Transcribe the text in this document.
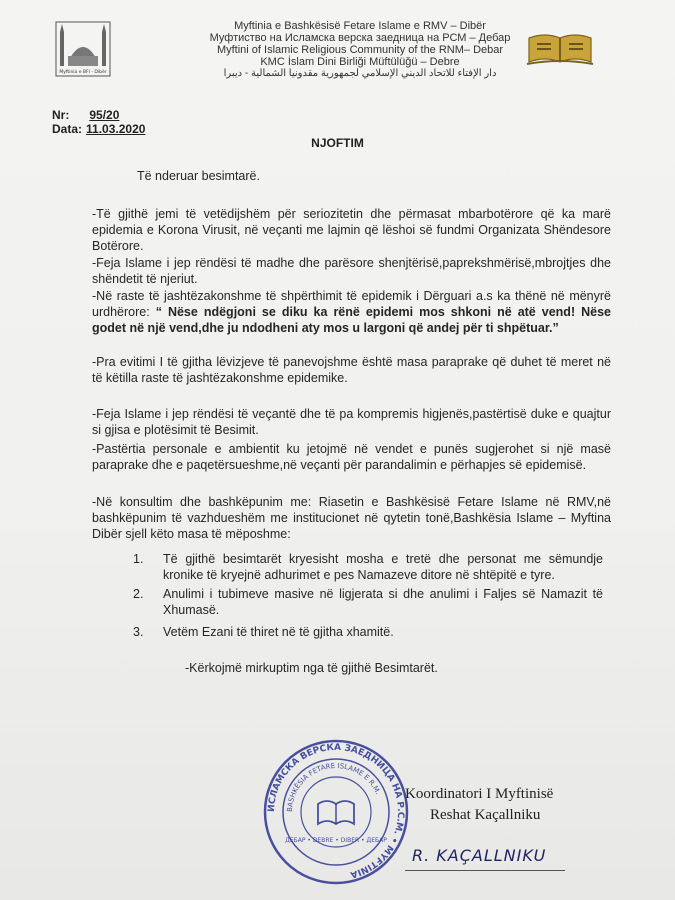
Myftinia e BFI - Dibër
Myftinia e Bashkësisë Fetare Islame e RMV – Dibër
Муфтиство на Исламска верска заедница на РСМ – Дебар
Myftini of Islamic Religious Community of the RNM– Debar
KMC İslam Dini Birliği Müftülüğü – Debre
دار الإفتاء للاتحاد الديني الإسلامي لجمهورية مقدونيا الشمالية - ديبرا
Nr: 95/20
Data: 11.03.2020
NJOFTIM
Të nderuar besimtarë.
-Të gjithë jemi të vetëdijshëm për seriozitetin dhe përmasat mbarbotërore që ka marë epidemia e Korona Virusit, në veçanti me lajmin që lëshoi së fundmi Organizata Shëndesore Botërore.
-Feja Islame i jep rëndësi të madhe dhe parësore shenjtërisë,paprekshmërisë,mbrojtjes dhe shëndetit të njeriut.
-Në raste të jashtëzakonshme të shpërthimit të epidemik i Dërguari a.s ka thënë në mënyrë urdhërore: “ Nëse ndëgjoni se diku ka rënë epidemi mos shkoni në atë vend! Nëse godet në një vend,dhe ju ndodheni aty mos u largoni që andej për ti shpëtuar.”
-Pra evitimi I të gjitha lëvizjeve të panevojshme është masa paraprake që duhet të meret në të këtilla raste të jashtëzakonshme epidemike.
-Feja Islame i jep rëndësi të veçantë dhe të pa kompremis higjenës,pastërtisë duke e quajtur si gjisa e plotësimit të Besimit.
-Pastërtia personale e ambientit ku jetojmë në vendet e punës sugjerohet si një masë paraprake dhe e paqetërsueshme,në veçanti për parandalimin e përhapjes së epidemisë.
-Në konsultim dhe bashkëpunim me: Riasetin e Bashkësisë Fetare Islame në RMV,në bashkëpunim të vazhdueshëm me institucionet në qytetin tonë,Bashkësia Islame – Myftina Dibër sjell këto masa të mëposhme:
1. Të gjithë besimtarët kryesisht mosha e tretë dhe personat me sëmundje kronike të kryejnë adhurimet e pes Namazeve ditore në shtëpitë e tyre.
2. Anulimi i tubimeve masive në ligjerata si dhe anulimi i Faljes së Namazit të Xhumasë.
3. Vetëm Ezani të thiret në të gjitha xhamitë.
-Kërkojmë mirkuptim nga të gjithë Besimtarët.
ИСЛАМСКА ВЕРСКА ЗАЕДНИЦА НА Р.С.М. • MYFTINIA
BASHKËSIA FETARE ISLAME E R.M.
ДЕБАР • DEBRE • DIBËR • ДЕБАР
Koordinatori I Myftinisë
Reshat Kaçallniku
R. KAÇALLNIKU
